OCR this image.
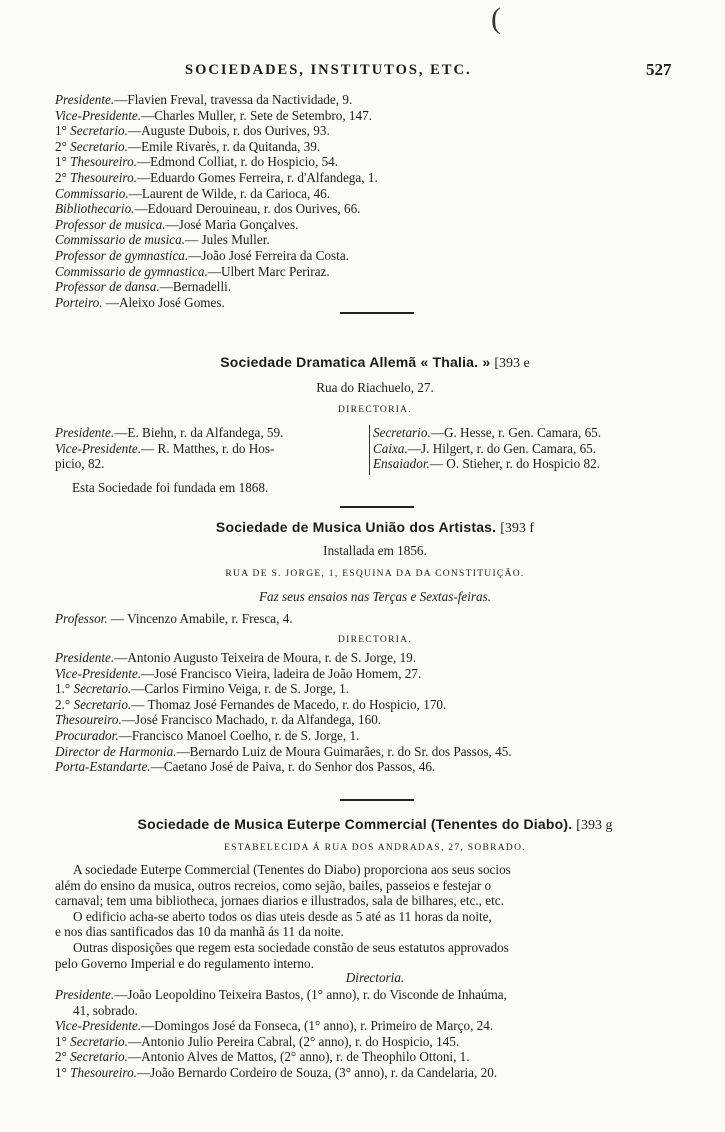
(
SOCIEDADES, INSTITUTOS, ETC.	527
Presidente.—Flavien Freval, travessa da Nactividade, 9.
Vice-Presidente.—Charles Muller, r. Sete de Setembro, 147.
1° Secretario.—Auguste Dubois, r. dos Ourives, 93.
2° Secretario.—Emile Rivarès, r. da Quitanda, 39.
1° Thesoureiro.—Edmond Colliat, r. do Hospicio, 54.
2° Thesoureiro.—Eduardo Gomes Ferreira, r. d'Alfandega, 1.
Commissario.—Laurent de Wilde, r. da Carioca, 46.
Bibliothecario.—Edouard Derouineau, r. dos Ourives, 66.
Professor de musica.—José Maria Gonçalves.
Commissario de musica.— Jules Muller.
Professor de gymnastica.—João José Ferreira da Costa.
Commissario de gymnastica.—Ulbert Marc Periraz.
Professor de dansa.—Bernadelli.
Porteiro. —Aleixo José Gomes.
Sociedade Dramatica Allemã « Thalia. » [393 e
Rua do Riachuelo, 27.
DIRECTORIA.
Presidente.—E. Biehn, r. da Alfandega, 59.
Vice-Presidente.— R. Matthes, r. do Hos-
picio, 82.
Secretario.—G. Hesse, r. Gen. Camara, 65.
Caixa.—J. Hilgert, r. do Gen. Camara, 65.
Ensaiador.— O. Stieher, r. do Hospicio 82.
Esta Sociedade foi fundada em 1868.
Sociedade de Musica União dos Artistas. [393 f
Installada em 1856.
RUA DE S. JORGE, 1, ESQUINA DA DA CONSTITUIÇÃO.
Faz seus ensaios nas Terças e Sextas-feiras.
Professor. — Vincenzo Amabile, r. Fresca, 4.
DIRECTORIA.
Presidente.—Antonio Augusto Teixeira de Moura, r. de S. Jorge, 19.
Vice-Presidente.—José Francisco Vieira, ladeira de João Homem, 27.
1.° Secretario.—Carlos Firmino Veiga, r. de S. Jorge, 1.
2.° Secretario.— Thomaz José Fernandes de Macedo, r. do Hospicio, 170.
Thesoureiro.—José Francisco Machado, r. da Alfandega, 160.
Procurador.—Francisco Manoel Coelho, r. de S. Jorge, 1.
Director de Harmonia.—Bernardo Luiz de Moura Guimarães, r. do Sr. dos Passos, 45.
Porta-Estandarte.—Caetano José de Paiva, r. do Senhor dos Passos, 46.
Sociedade de Musica Euterpe Commercial (Tenentes do Diabo). [393 g
ESTABELECIDA Á RUA DOS ANDRADAS, 27, SOBRADO.
A sociedade Euterpe Commercial (Tenentes do Diabo) proporciona aos seus socios
além do ensino da musica, outros recreios, como sejão, bailes, passeios e festejar o
carnaval; tem uma bibliotheca, jornaes diarios e illustrados, sala de bilhares, etc., etc.
O edificio acha-se aberto todos os dias uteis desde as 5 até as 11 horas da noite,
e nos dias santificados das 10 da manhã ás 11 da noite.
Outras disposições que regem esta sociedade constão de seus estatutos approvados
pelo Governo Imperial e do regulamento interno.
Directoria.
Presidente.—João Leopoldino Teixeira Bastos, (1° anno), r. do Visconde de Inhaúma,
41, sobrado.
Vice-Presidente.—Domingos José da Fonseca, (1° anno), r. Primeiro de Março, 24.
1° Secretario.—Antonio Julio Pereira Cabral, (2° anno), r. do Hospicio, 145.
2° Secretario.—Antonio Alves de Mattos, (2° anno), r. de Theophilo Ottoni, 1.
1° Thesoureiro.—João Bernardo Cordeiro de Souza, (3° anno), r. da Candelaria, 20.
